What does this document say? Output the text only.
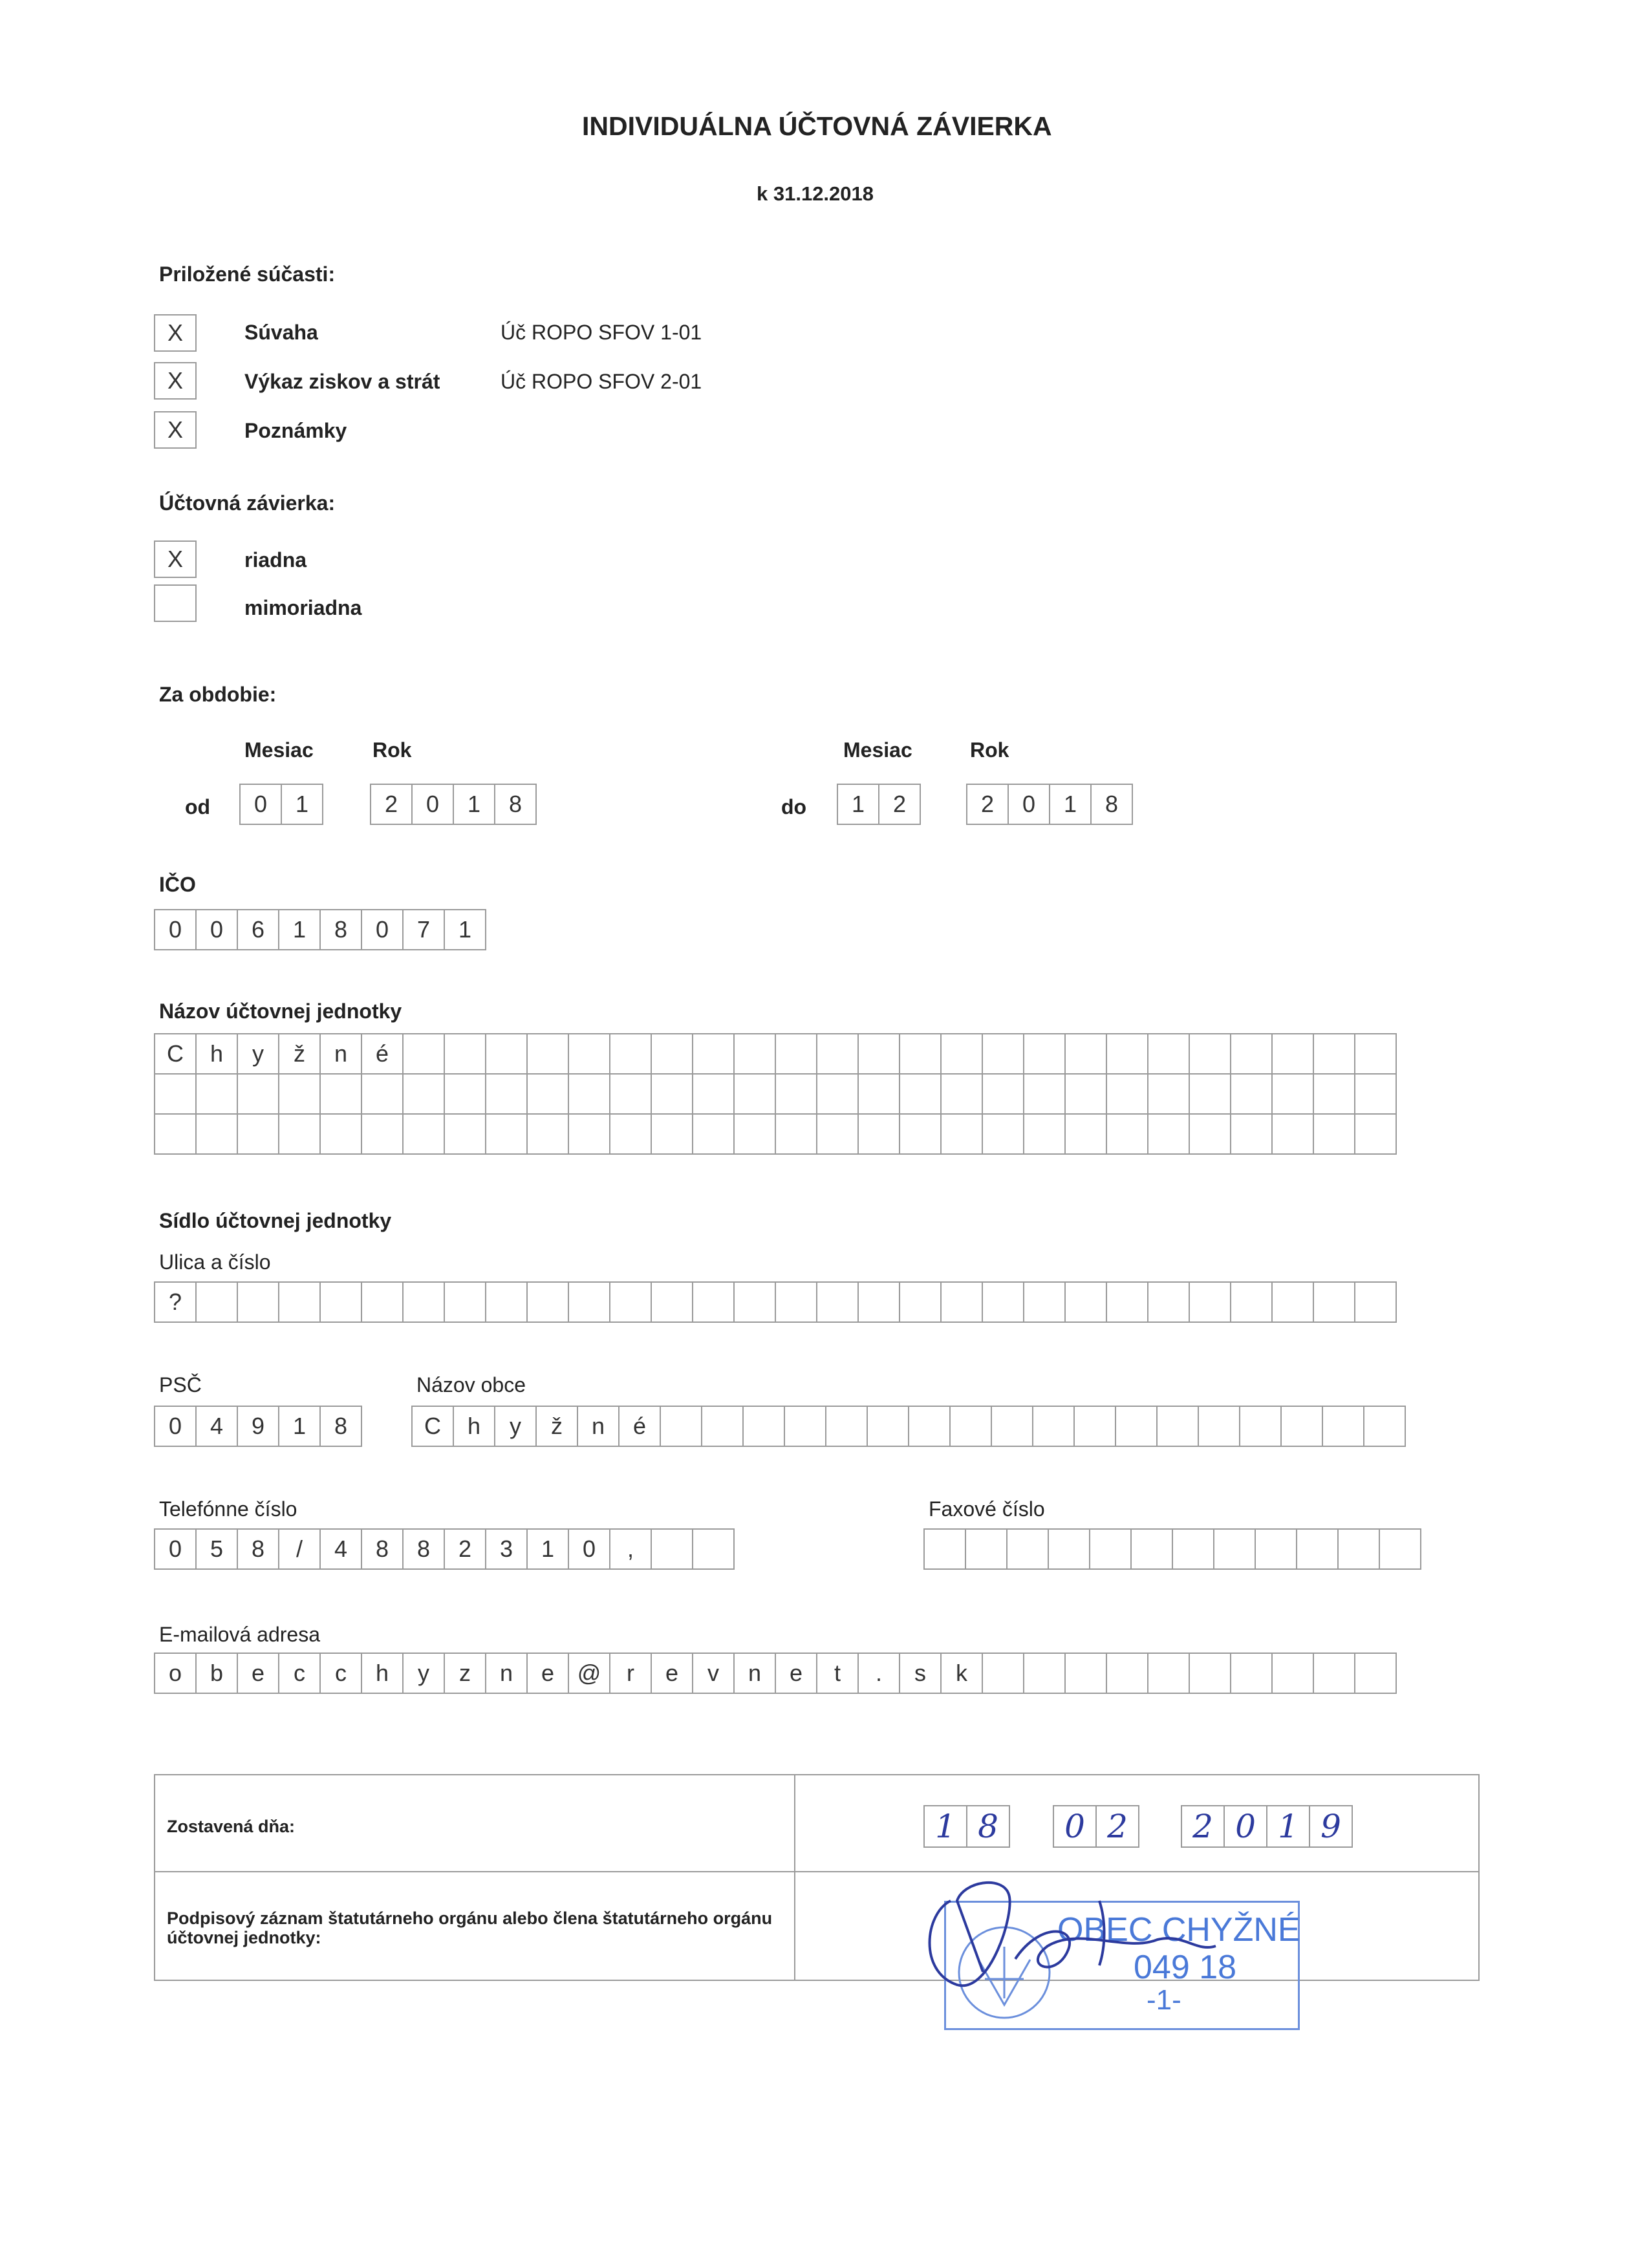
INDIVIDUÁLNA ÚČTOVNÁ ZÁVIERKA
k 31.12.2018
Priložené súčasti:
X	Súvaha	Úč ROPO SFOV 1-01
X	Výkaz ziskov a strát	Úč ROPO SFOV 2-01
X	Poznámky
Účtovná závierka:
X	riadna
mimoriadna
Za obdobie:
Mesiac	Rok	Mesiac	Rok
od	0	1	2	0	1	8	do	1	2	2	0	1	8
IČO
0	0	6	1	8	0	7	1
Názov účtovnej jednotky
C	h	y	ž	n	é
Sídlo účtovnej jednotky
Ulica a číslo
?
PSČ	Názov obce
0	4	9	1	8	C	h	y	ž	n	é
Telefónne číslo	Faxové číslo
0	5	8	/	4	8	8	2	3	1	0	,
E-mailová adresa
o	b	e	c	c	h	y	z	n	e @	r	e	v	n	e	t	.	s	k
Zostavená dňa:	1 8	0 2	2 0 1 9
Podpisový záznam štatutárneho orgánu alebo člena štatutárneho orgánu účtovnej jednotky:	OBEC CHYŽNÉ
049 18
-1-
